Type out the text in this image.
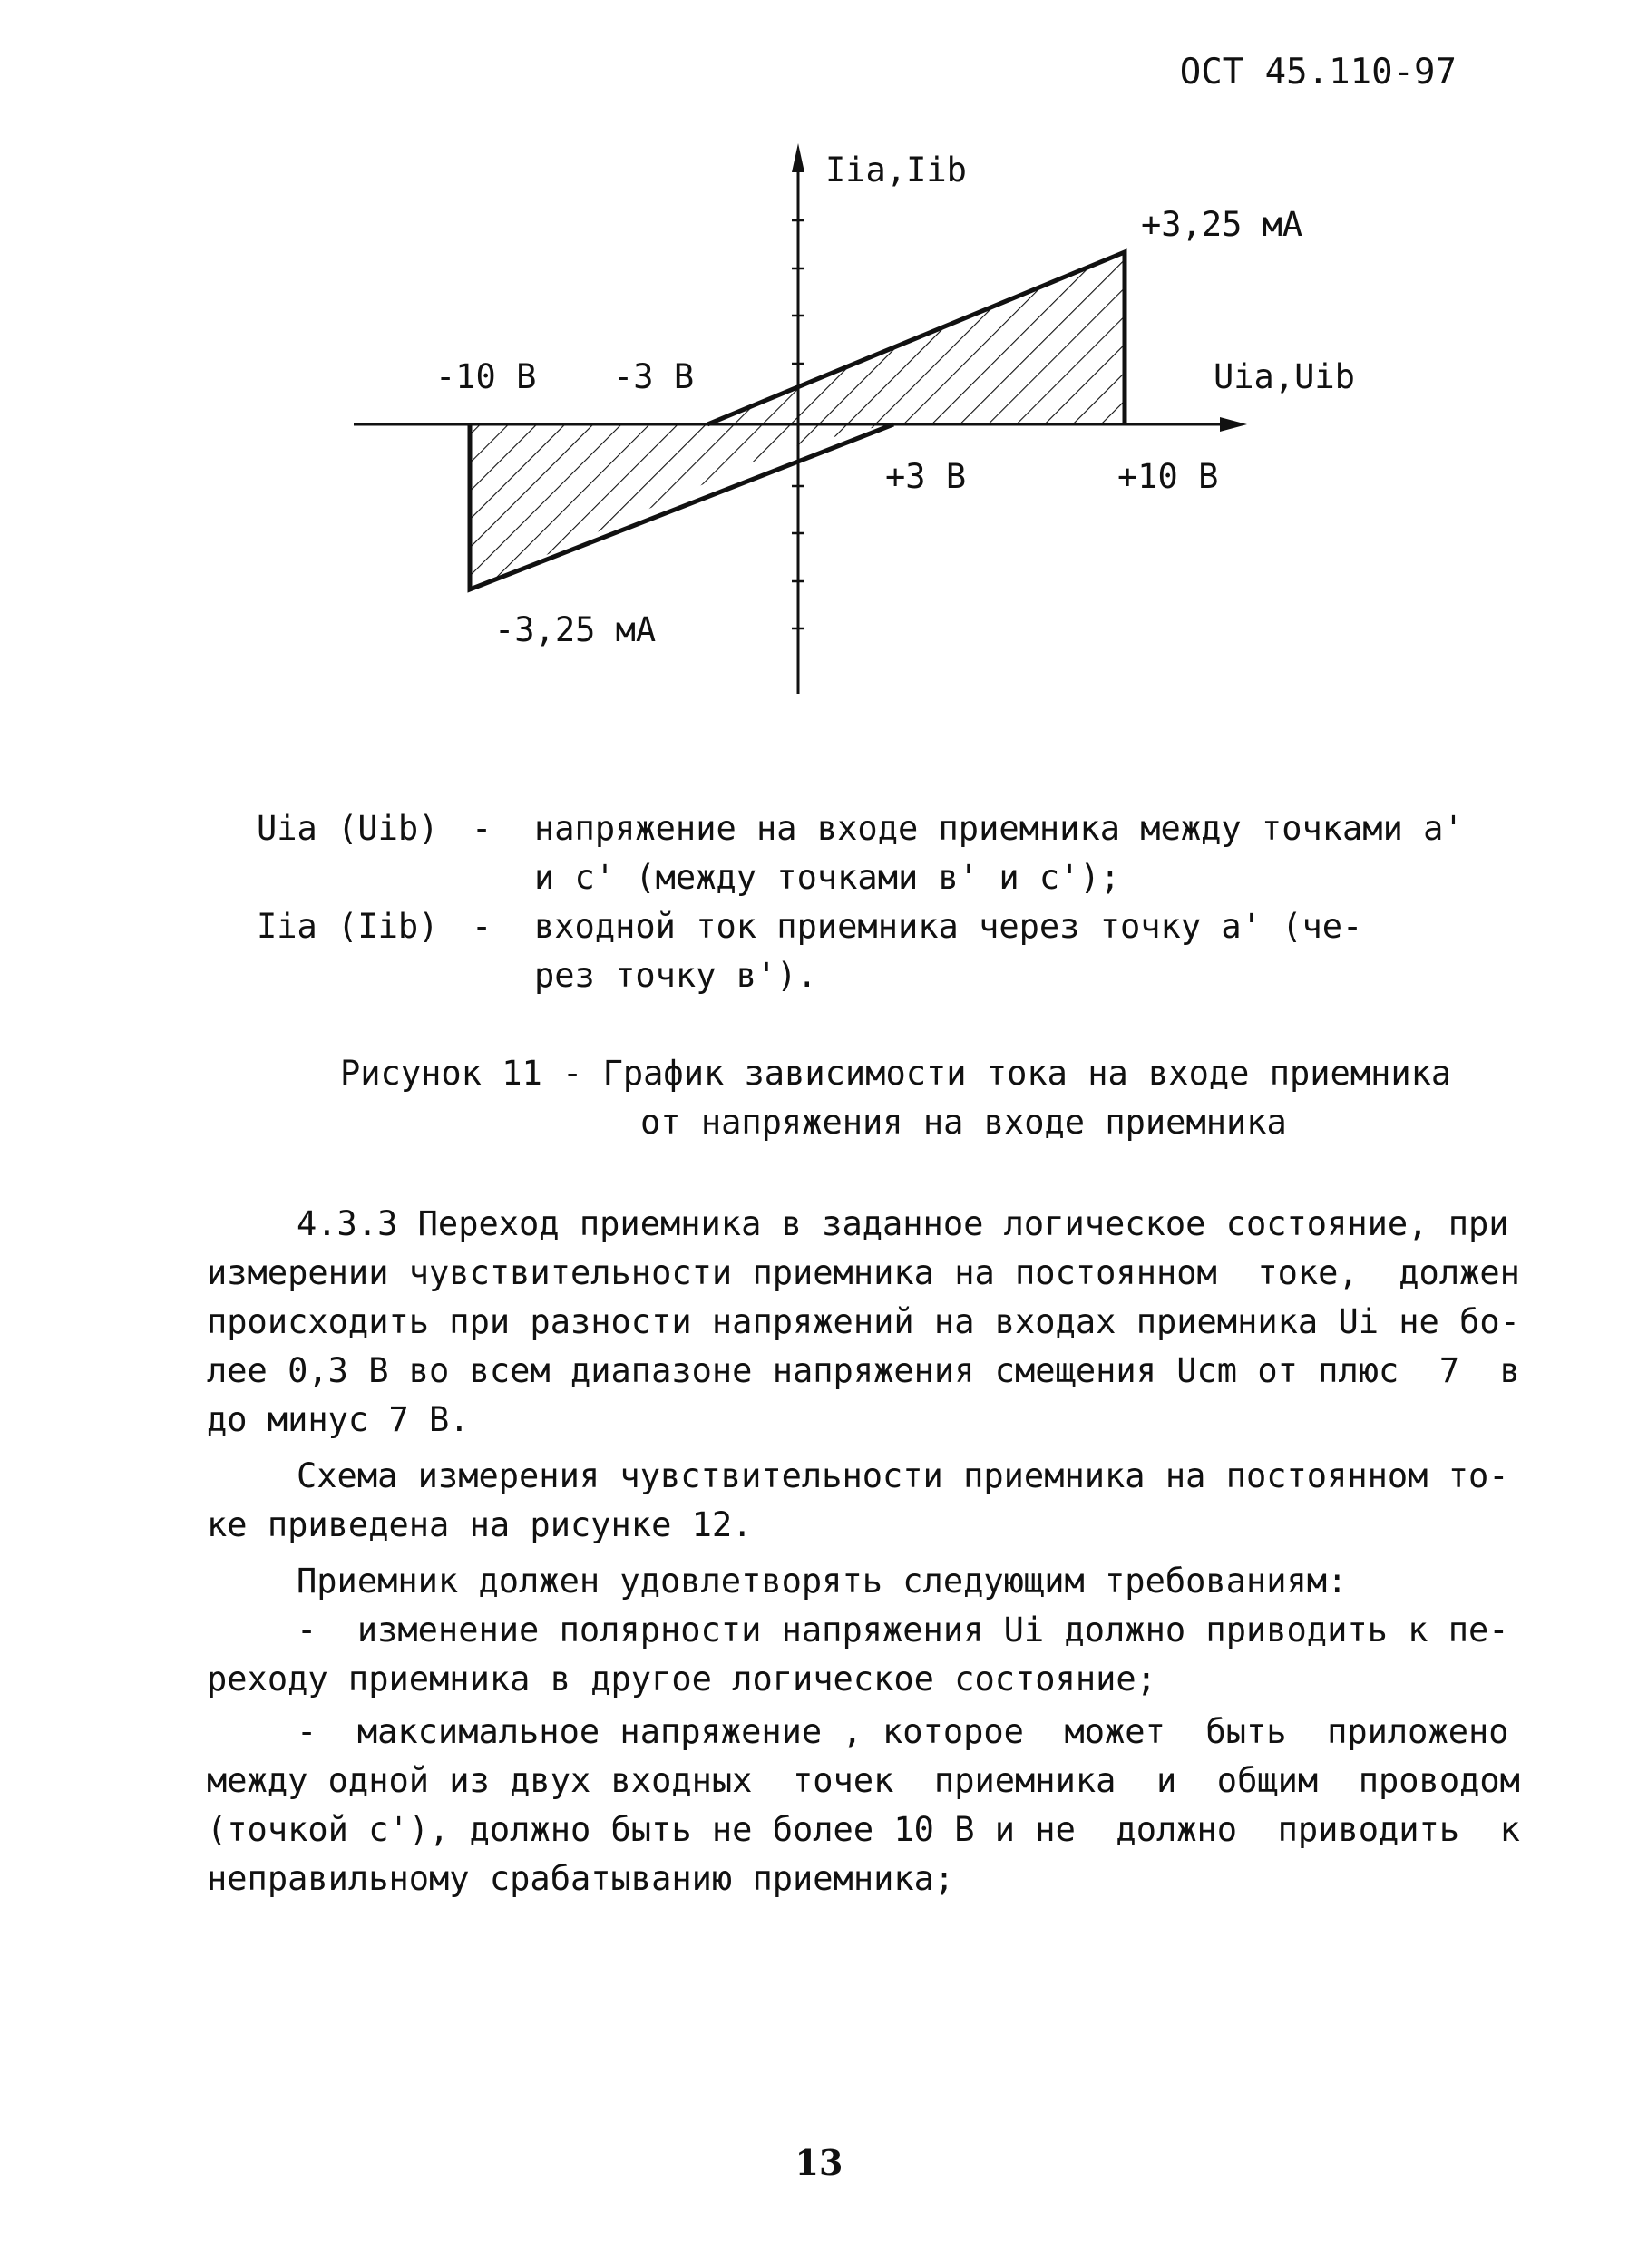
ОСТ 45.110-97
Iia,Iib
+3,25 мА
-10 В -3 В	Uia,Uib
+3 В	+10 В
-3,25 мА
Uia (Uib) - напряжение на входе приемника между точками а'
и с' (между точками в' и с');
Iia (Iib) - входной ток приемника через точку а' (че-
рез точку в').
Рисунок 11 - График зависимости тока на входе приемника
от напряжения на входе приемника
4.3.3 Переход приемника в заданное логическое состояние, при
измерении чувствительности приемника на постоянном  токе,  должен
происходить при разности напряжений на входах приемника Ui не бо-
лее 0,3 В во всем диапазоне напряжения смещения Ucm от плюс  7  в
до минус 7 В.
Схема измерения чувствительности приемника на постоянном то-
ке приведена на рисунке 12.
Приемник должен удовлетворять следующим требованиям:
-  изменение полярности напряжения Ui должно приводить к пе-
реходу приемника в другое логическое состояние;
-  максимальное напряжение , которое  может  быть  приложено
между одной из двух входных  точек  приемника  и  общим  проводом
(точкой с'), должно быть не более 10 В и не  должно  приводить  к
неправильному срабатыванию приемника;
13
